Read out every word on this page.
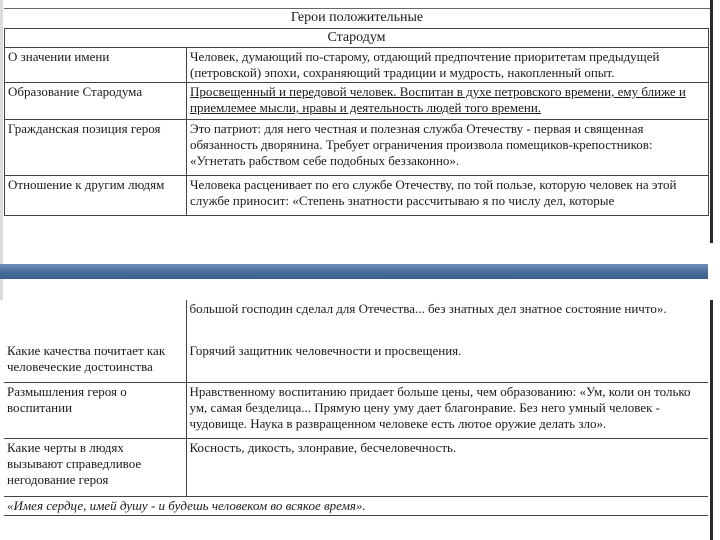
Герои положительные
Стародум	
О значении имени	Человек, думающий по-старому, отдающий предпочтение приоритетам предыдущей (петровской) эпохи, сохраняющий традиции и мудрость, накопленный опыт.
Образование Стародума	Просвещенный и передовой человек. Воспитан в духе петровского времени, ему ближе и приемлемее мысли, нравы и деятельность людей того времени.
Гражданская позиция героя	Это патриот: для него честная и полезная служба Отечеству - первая и священная обязанность дворянина. Требует ограничения произвола помещиков-крепостников: «Угнетать рабством себе подобных беззаконно».
Отношение к другим людям	Человека расценивает по его службе Отечеству, по той пользе, которую человек на этой службе приносит: «Степень знатности рассчитываю я по числу дел, которые
	большой господин сделал для Отечества... без знатных дел знатное состояние ничто».
Какие качества почитает как человеческие достоинства	Горячий защитник человечности и просвещения.
Размышления героя о воспитании	Нравственному воспитанию придает больше цены, чем образованию: «Ум, коли он только ум, самая безделица... Прямую цену уму дает благонравие. Без него умный человек - чудовище. Наука в развращенном человеке есть лютое оружие делать зло».
Какие черты в людях вызывают справедливое негодование героя	Косность, дикость, злонравие, бесчеловечность.
«Имея сердце, имей душу - и будешь человеком во всякое время».	
